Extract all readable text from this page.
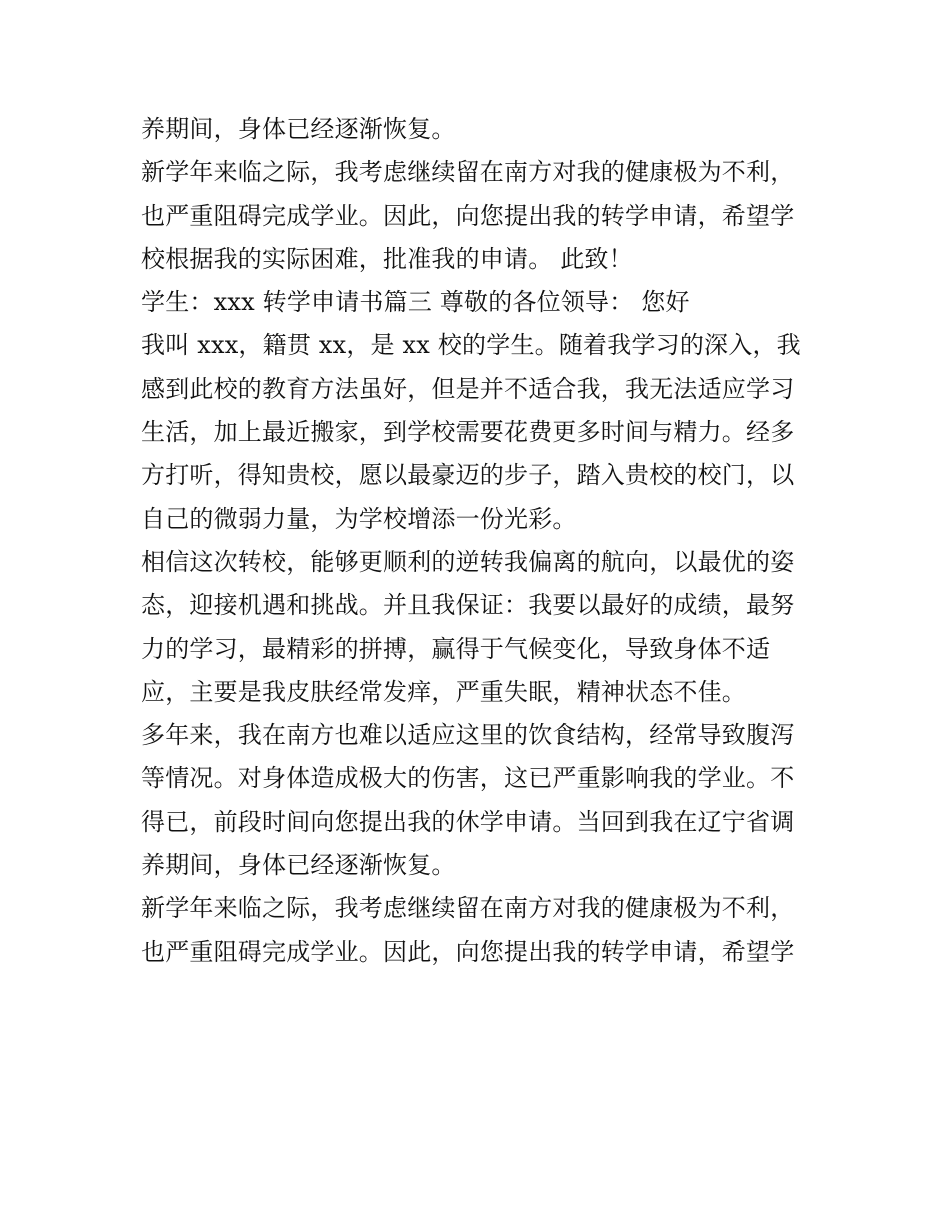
养期间，身体已经逐渐恢复。
新学年来临之际，我考虑继续留在南方对我的健康极为不利，
也严重阻碍完成学业。因此，向您提出我的转学申请，希望学
校根据我的实际困难，批准我的申请。 此致！
学生：xxx 转学申请书篇三 尊敬的各位领导： 您好
我叫 xxx，籍贯 xx，是 xx 校的学生。随着我学习的深入，我
感到此校的教育方法虽好，但是并不适合我，我无法适应学习
生活，加上最近搬家，到学校需要花费更多时间与精力。经多
方打听，得知贵校，愿以最豪迈的步子，踏入贵校的校门，以
自己的微弱力量，为学校增添一份光彩。
相信这次转校，能够更顺利的逆转我偏离的航向，以最优的姿
态，迎接机遇和挑战。并且我保证：我要以最好的成绩，最努
力的学习，最精彩的拼搏，赢得于气候变化，导致身体不适
应，主要是我皮肤经常发痒，严重失眠，精神状态不佳。
多年来，我在南方也难以适应这里的饮食结构，经常导致腹泻
等情况。对身体造成极大的伤害，这已严重影响我的学业。不
得已，前段时间向您提出我的休学申请。当回到我在辽宁省调
养期间，身体已经逐渐恢复。
新学年来临之际，我考虑继续留在南方对我的健康极为不利，
也严重阻碍完成学业。因此，向您提出我的转学申请，希望学
